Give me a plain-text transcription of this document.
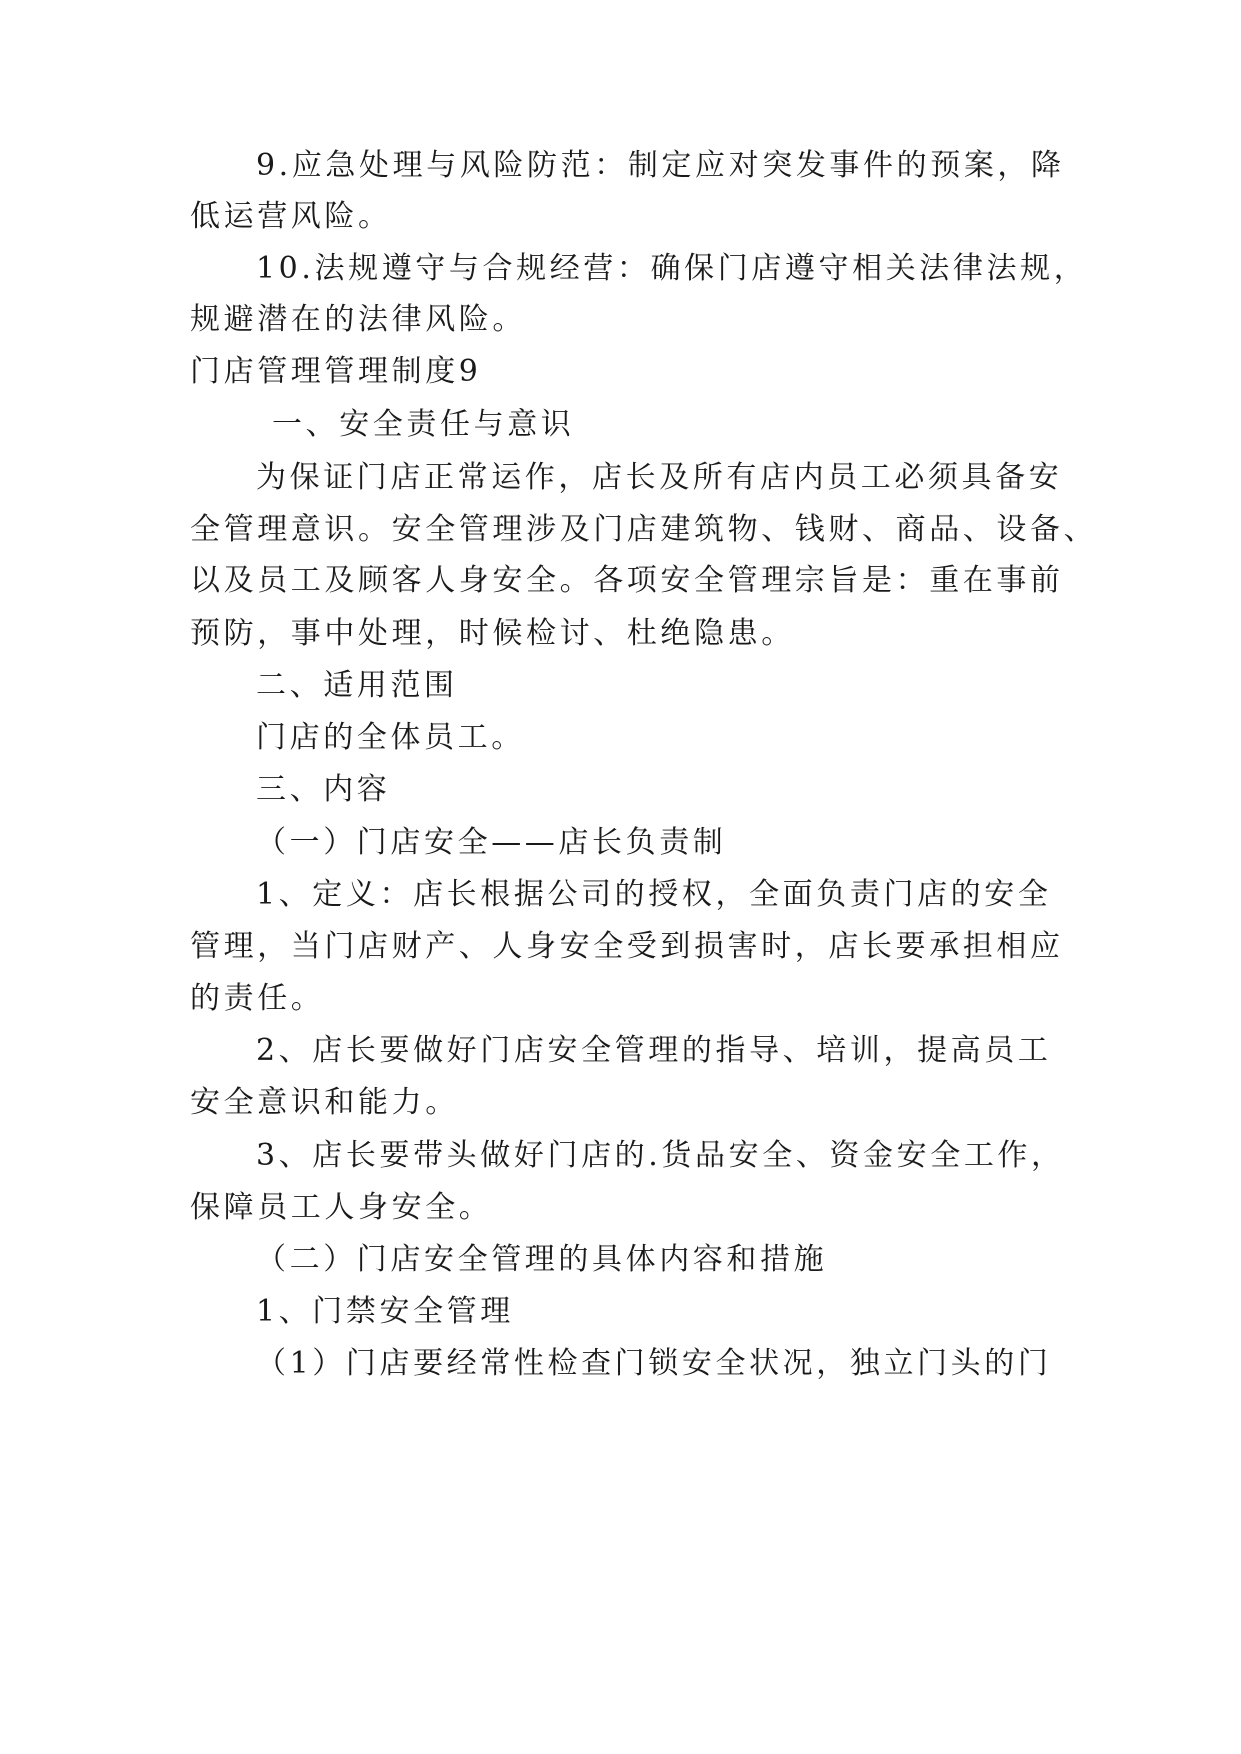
9.应急处理与风险防范：制定应对突发事件的预案，降
低运营风险。
10.法规遵守与合规经营：确保门店遵守相关法律法规，
规避潜在的法律风险。
门店管理管理制度9
一、安全责任与意识
为保证门店正常运作，店长及所有店内员工必须具备安
全管理意识。安全管理涉及门店建筑物、钱财、商品、设备、
以及员工及顾客人身安全。各项安全管理宗旨是：重在事前
预防，事中处理，时候检讨、杜绝隐患。
二、适用范围
门店的全体员工。
三、内容
（一）门店安全——店长负责制
1、定义：店长根据公司的授权，全面负责门店的安全
管理，当门店财产、人身安全受到损害时，店长要承担相应
的责任。
2、店长要做好门店安全管理的指导、培训，提高员工
安全意识和能力。
3、店长要带头做好门店的.货品安全、资金安全工作，
保障员工人身安全。
（二）门店安全管理的具体内容和措施
1、门禁安全管理
（1）门店要经常性检查门锁安全状况，独立门头的门
